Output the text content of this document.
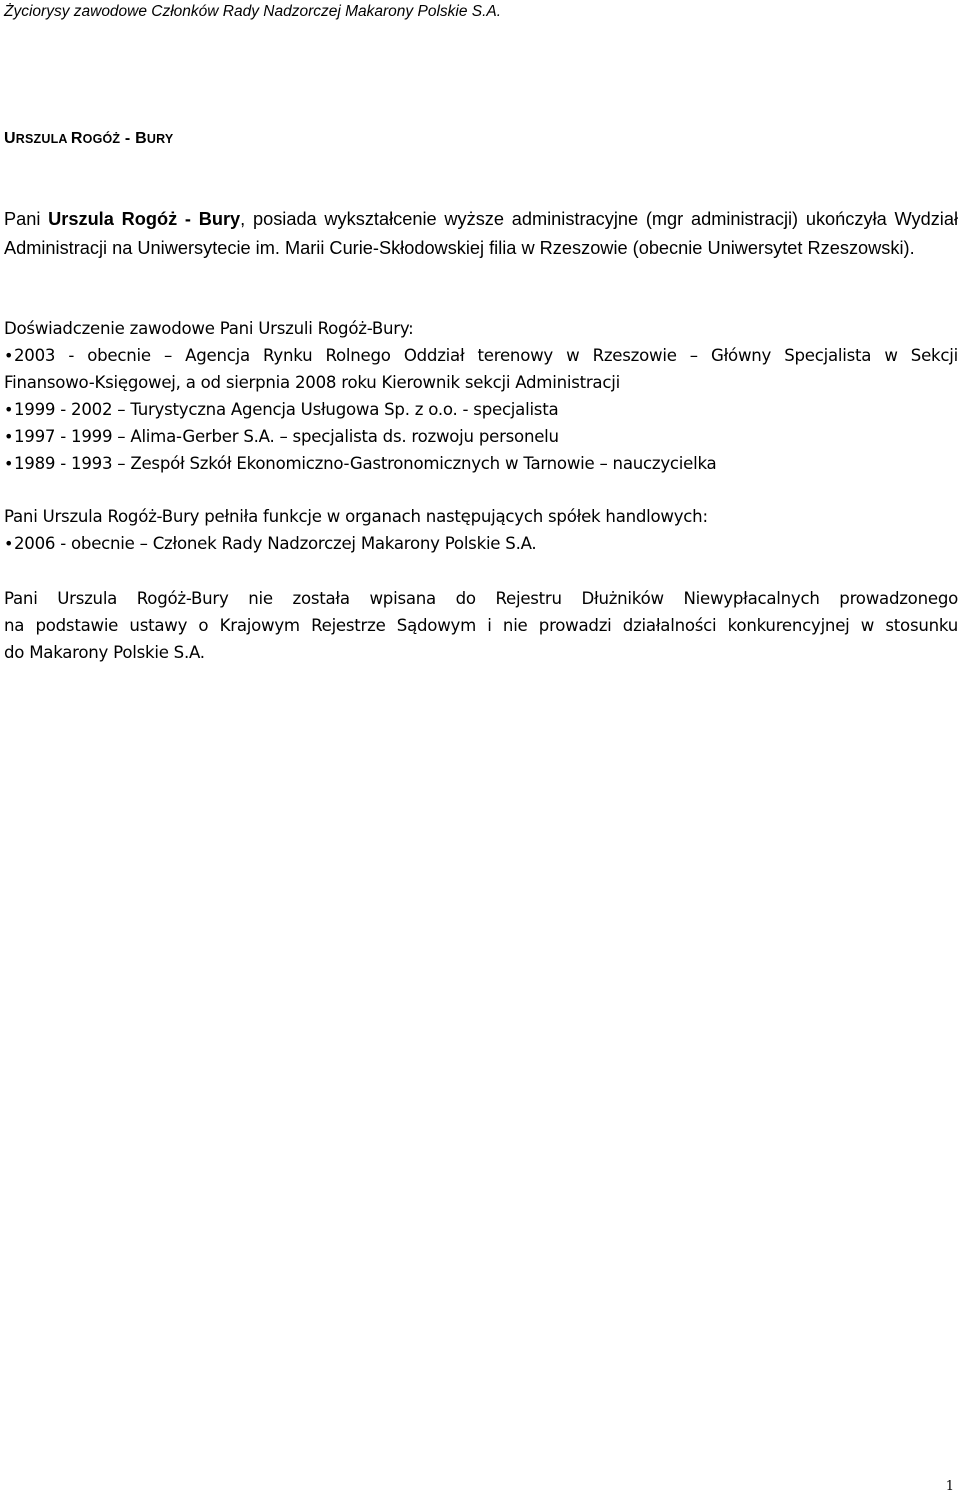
Życiorysy zawodowe Członków Rady Nadzorczej Makarony Polskie S.A.
URSZULA ROGÓŻ - BURY
Pani Urszula Rogóż - Bury, posiada wykształcenie wyższe administracyjne (mgr administracji) ukończyła Wydział Administracji na Uniwersytecie im. Marii Curie-Skłodowskiej filia w Rzeszowie (obecnie Uniwersytet Rzeszowski).
Doświadczenie zawodowe Pani Urszuli Rogóż-Bury:
•2003 - obecnie – Agencja Rynku Rolnego Oddział terenowy w Rzeszowie – Główny Specjalista w Sekcji
Finansowo-Księgowej, a od sierpnia 2008 roku Kierownik sekcji Administracji
•1999 - 2002 – Turystyczna Agencja Usługowa Sp. z o.o. - specjalista
•1997 - 1999 – Alima-Gerber S.A. – specjalista ds. rozwoju personelu
•1989 - 1993 – Zespół Szkół Ekonomiczno-Gastronomicznych w Tarnowie – nauczycielka
Pani Urszula Rogóż-Bury pełniła funkcje w organach następujących spółek handlowych:
•2006 - obecnie – Członek Rady Nadzorczej Makarony Polskie S.A.
Pani Urszula Rogóż-Bury nie została wpisana do Rejestru Dłużników Niewypłacalnych prowadzonego
na podstawie ustawy o Krajowym Rejestrze Sądowym i nie prowadzi działalności konkurencyjnej w stosunku
do Makarony Polskie S.A.
1
